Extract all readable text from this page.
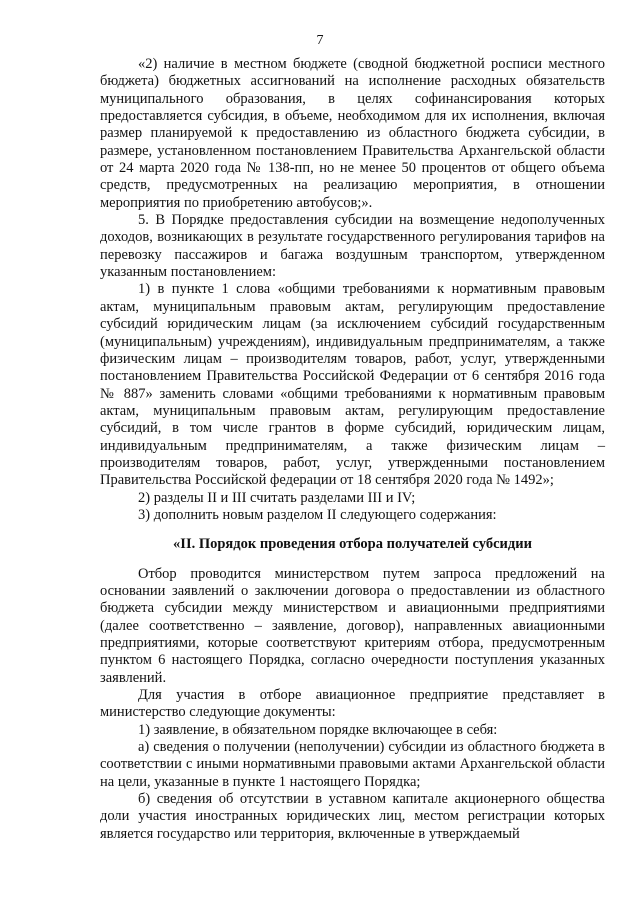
7

«2) наличие в местном бюджете (сводной бюджетной росписи местного бюджета) бюджетных ассигнований на исполнение расходных обязательств муниципального образования, в целях софинансирования которых предоставляется субсидия, в объеме, необходимом для их исполнения, включая размер планируемой к предоставлению из областного бюджета субсидии, в размере, установленном постановлением Правительства Архангельской области от 24 марта 2020 года № 138-пп, но не менее 50 процентов от общего объема средств, предусмотренных на реализацию мероприятия, в отношении мероприятия по приобретению автобусов;».

5. В Порядке предоставления субсидии на возмещение недополученных доходов, возникающих в результате государственного регулирования тарифов на перевозку пассажиров и багажа воздушным транспортом, утвержденном указанным постановлением:

1) в пункте 1 слова «общими требованиями к нормативным правовым актам, муниципальным правовым актам, регулирующим предоставление субсидий юридическим лицам (за исключением субсидий государственным (муниципальным) учреждениям), индивидуальным предпринимателям, а также физическим лицам – производителям товаров, работ, услуг, утвержденными постановлением Правительства Российской Федерации от 6 сентября 2016 года № 887» заменить словами «общими требованиями к нормативным правовым актам, муниципальным правовым актам, регулирующим предоставление субсидий, в том числе грантов в форме субсидий, юридическим лицам, индивидуальным предпринимателям, а также физическим лицам – производителям товаров, работ, услуг, утвержденными постановлением Правительства Российской федерации от 18 сентября 2020 года № 1492»;

2) разделы II и III считать разделами III и IV;

3) дополнить новым разделом II следующего содержания:

«II. Порядок проведения отбора получателей субсидии

Отбор проводится министерством путем запроса предложений на основании заявлений о заключении договора о предоставлении из областного бюджета субсидии между министерством и авиационными предприятиями (далее соответственно – заявление, договор), направленных авиационными предприятиями, которые соответствуют критериям отбора, предусмотренным пунктом 6 настоящего Порядка, согласно очередности поступления указанных заявлений.

Для участия в отборе авиационное предприятие представляет в министерство следующие документы:

1) заявление, в обязательном порядке включающее в себя:

а) сведения о получении (неполучении) субсидии из областного бюджета в соответствии с иными нормативными правовыми актами Архангельской области на цели, указанные в пункте 1 настоящего Порядка;

б) сведения об отсутствии в уставном капитале акционерного общества доли участия иностранных юридических лиц, местом регистрации которых является государство или территория, включенные в утверждаемый
